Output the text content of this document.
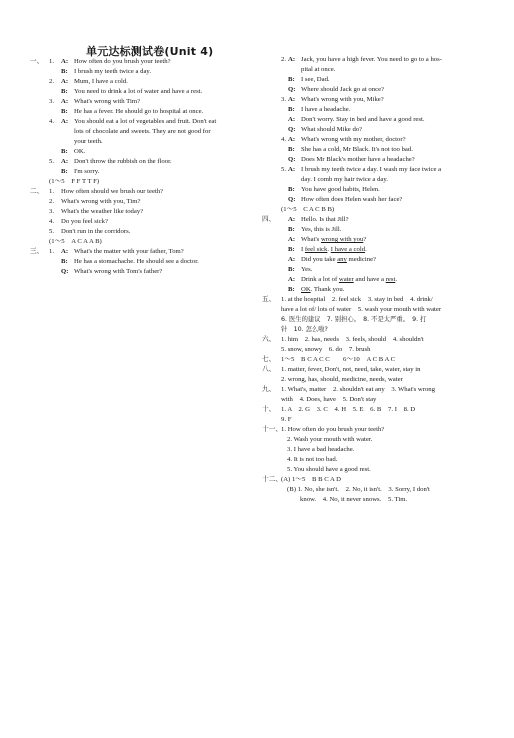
单元达标测试卷(Unit 4)
一、 1. A: How often do you brush your teeth?
B: I brush my teeth twice a day.
2. A: Mum, I have a cold.
B: You need to drink a lot of water and have a rest.
3. A: What's wrong with Tim?
B: He has a fever. He should go to hospital at once.
4. A: You should eat a lot of vegetables and fruit. Don't eat
lots of chocolate and sweets. They are not good for
your teeth.
B: OK.
5. A: Don't throw the rubbish on the floor.
B: I'm sorry.
(1～5　F F T T F)
二、 1. How often should we brush our teeth?
2. What's wrong with you, Tim?
3. What's the weather like today?
4. Do you feel sick?
5. Don't run in the corridors.
(1～5　A C A A B)
三、 1. A: What's the matter with your father, Tom?
B: He has a stomachache. He should see a doctor.
Q: What's wrong with Tom's father?
2. A: Jack, you have a high fever. You need to go to a hos-
pital at once.
B: I see, Dad.
Q: Where should Jack go at once?
3. A: What's wrong with you, Mike?
B: I have a headache.
A: Don't worry. Stay in bed and have a good rest.
Q: What should Mike do?
4. A: What's wrong with my mother, doctor?
B: She has a cold, Mr Black. It's not too bad.
Q: Does Mr Black's mother have a headache?
5. A: I brush my teeth twice a day. I wash my face twice a
day. I comb my hair twice a day.
B: You have good habits, Helen.
Q: How often does Helen wash her face?
(1～5　C A C B B)
四、 A: Hello. Is that Jill?
B: Yes, this is Jill.
A: What's wrong with you?
B: I feel sick. I have a cold.
A: Did you take any medicine?
B: Yes.
A: Drink a lot of water and have a rest.
B: OK. Thank you.
五、 1. at the hospital　2. feel sick　3. stay in bed　4. drink/
have a lot of/ lots of water　5. wash your mouth with water
6. 医生的建议　7. 别担心。　8. 不是太严重。　9. 打
针　10. 怎么啦?
六、 1. him　2. has, needs　3. feels, should　4. shouldn't
5. snow, snowy　6. do　7. brush
七、 1～5　B C A C C　　6～10　A C B A C
八、 1. matter, fever, Don't, not, need, take, water, stay in
2. wrong, has, should, medicine, needs, water
九、 1. What's, matter　2. shouldn't eat any　3. What's wrong
with　4. Does, have　5. Don't stay
十、 1. A　2. G　3. C　4. H　5. E　6. B　7. I　8. D
9. F
十一、
1. How often do you brush your teeth?
2. Wash your mouth with water.
3. I have a bad headache.
4. It is not too bad.
5. You should have a good rest.
十二、
(A) 1～5　B B C A D
(B) 1. No, she isn't.　2. No, it isn't.　3. Sorry, I don't
know.　4. No, it never snows.　5. Tim.
